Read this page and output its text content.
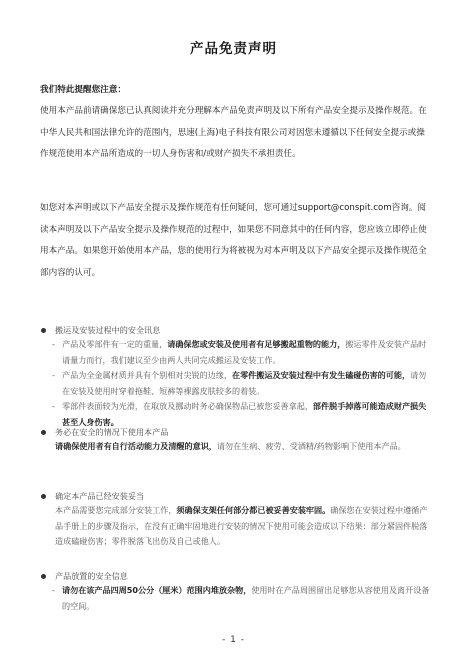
产品免责声明
我们特此提醒您注意：
使用本产品前请确保您已认真阅读并充分理解本产品免责声明及以下所有产品安全提示及操作规范。在中华人民共和国法律允许的范围内，思速(上海)电子科技有限公司对因您未遵循以下任何安全提示或操作规范使用本产品所造成的一切人身伤害和/或财产损失不承担责任。
如您对本声明或以下产品安全提示及操作规范有任何疑问，您可通过support@conspit.com咨询。阅读本声明及以下产品安全提示及操作规范的过程中，如果您不同意其中的任何内容，您应该立即停止使用本产品。如果您开始使用本产品，您的使用行为将被视为对本声明及以下产品安全提示及操作规范全部内容的认可。
搬运及安装过程中的安全讯息
- 产品及零部件有一定的重量，请确保您或安装及使用者有足够搬起重物的能力，搬运零件及安装产品时请量力而行，我们建议至少由两人共同完成搬运及安装工作。
- 产品为全金属材质并具有个别相对尖锐的边缘，在零件搬运及安装过程中有发生磕碰伤害的可能，请勿在安装及使用时穿着拖鞋、短裤等裸露皮肤较多的着装。
- 零部件表面较为光滑，在取放及挪动时务必确保物品已被您妥善拿起，部件脱手掉落可能造成财产损失甚至人身伤害。
务必在安全的情况下使用本产品
请确保使用者有自行活动能力及清醒的意识，请勿在生病、疲劳、受酒精/药物影响下使用本产品。
确定本产品已经安装妥当
本产品需要您完成部分安装工作，须确保支架任何部分都已被妥善安装牢固。确保您在安装过程中遵循产品手册上的步骤及指示，在没有正确牢固地进行安装的情况下使用可能会造成以下结果：部分紧固件脱落造成磕碰伤害；零件脱落飞出伤及自己或他人。
产品放置的安全信息
- 请勿在该产品四周50公分（厘米）范围内堆放杂物，使用时在产品周围留出足够您从容使用及离开设备的空间。
- 1 -
